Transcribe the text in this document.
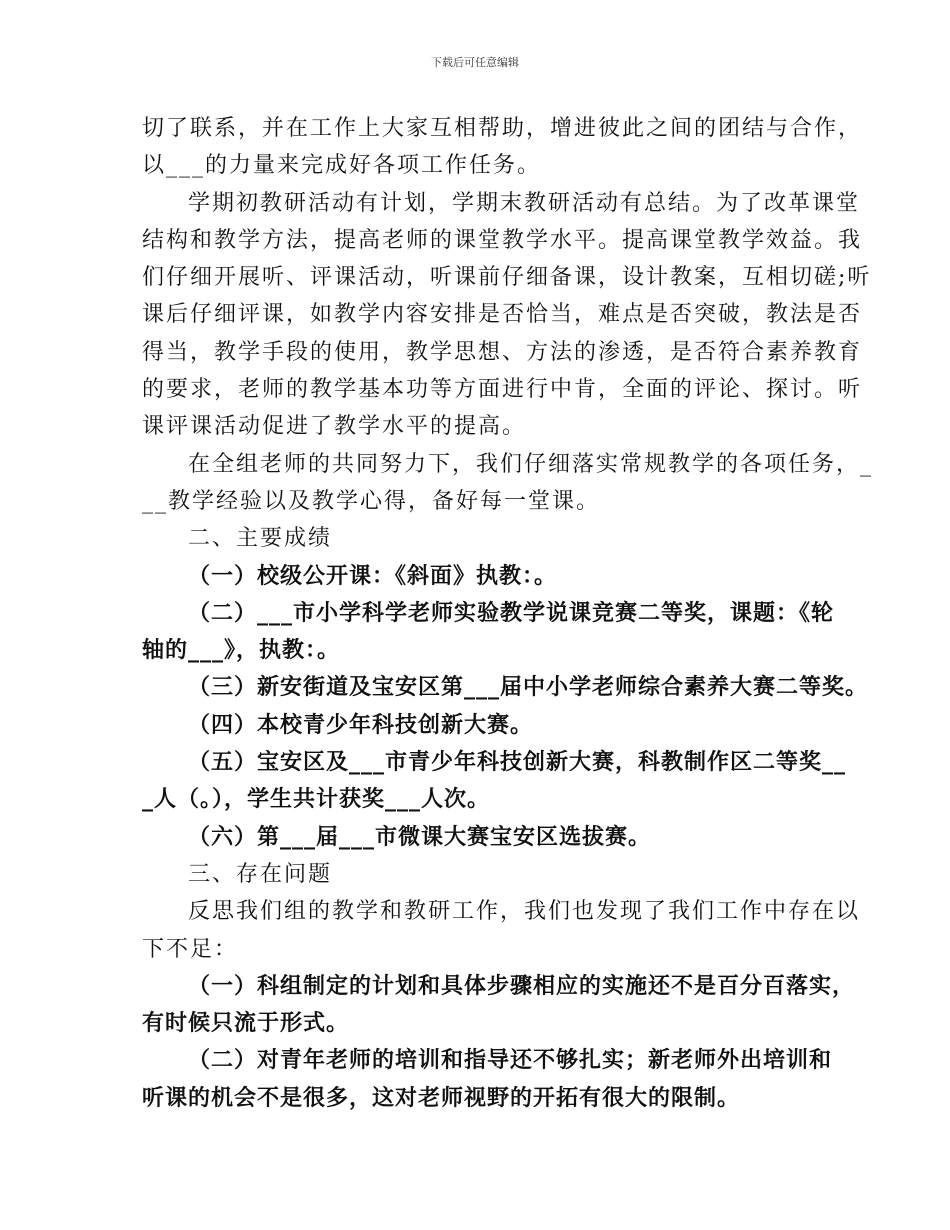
下载后可任意编辑
切了联系，并在工作上大家互相帮助，增进彼此之间的团结与合作，
以___的力量来完成好各项工作任务。
学期初教研活动有计划，学期末教研活动有总结。为了改革课堂
结构和教学方法，提高老师的课堂教学水平。提高课堂教学效益。我
们仔细开展听、评课活动，听课前仔细备课，设计教案，互相切磋;听
课后仔细评课，如教学内容安排是否恰当，难点是否突破，教法是否
得当，教学手段的使用，教学思想、方法的渗透，是否符合素养教育
的要求，老师的教学基本功等方面进行中肯，全面的评论、探讨。听
课评课活动促进了教学水平的提高。
在全组老师的共同努力下，我们仔细落实常规教学的各项任务，_
__教学经验以及教学心得，备好每一堂课。
二、主要成绩
（一）校级公开课：《斜面》执教：。
（二）___市小学科学老师实验教学说课竞赛二等奖，课题：《轮
轴的___》，执教：。
（三）新安街道及宝安区第___届中小学老师综合素养大赛二等奖。
（四）本校青少年科技创新大赛。
（五）宝安区及___市青少年科技创新大赛，科教制作区二等奖__
_人（。），学生共计获奖___人次。
（六）第___届___市微课大赛宝安区选拔赛。
三、存在问题
反思我们组的教学和教研工作，我们也发现了我们工作中存在以
下不足：
（一）科组制定的计划和具体步骤相应的实施还不是百分百落实，
有时候只流于形式。
（二）对青年老师的培训和指导还不够扎实；新老师外出培训和
听课的机会不是很多，这对老师视野的开拓有很大的限制。
